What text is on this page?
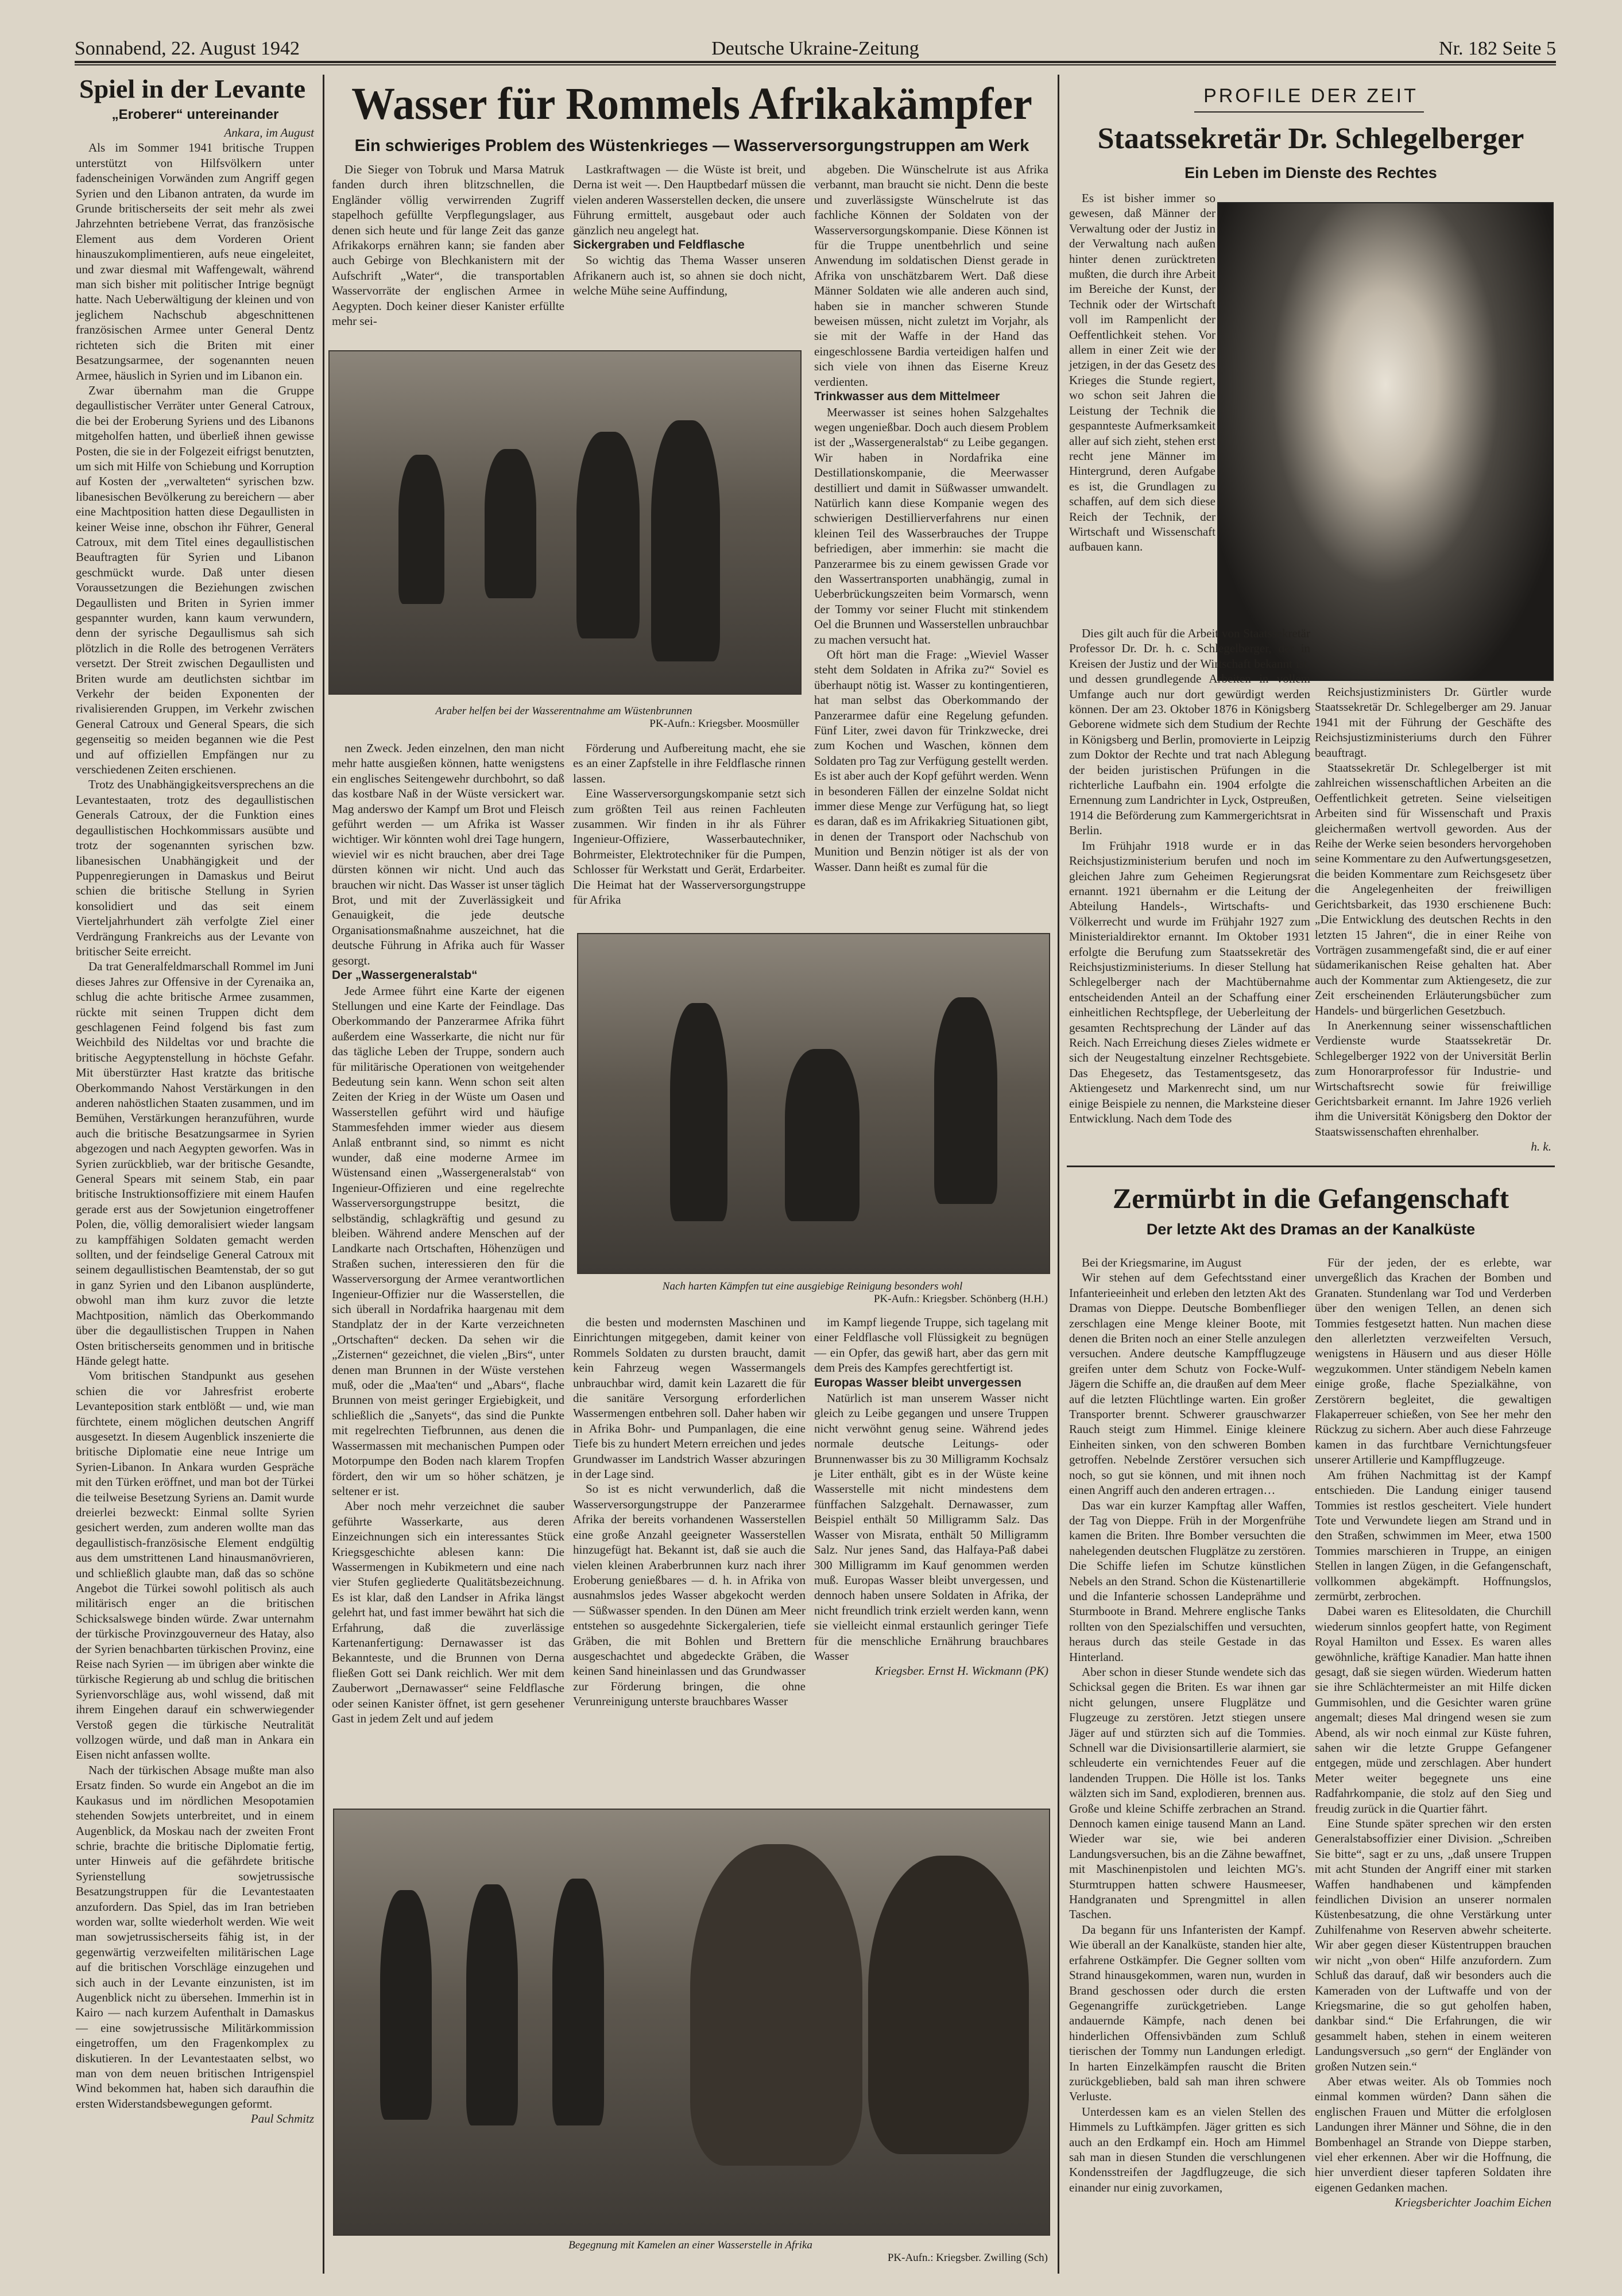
Sonnabend, 22. August 1942	Deutsche Ukraine-Zeitung	Nr. 182 Seite 5
Spiel in der Levante
„Eroberer“ untereinander

Ankara, im August

Als im Sommer 1941 britische Truppen unterstützt von Hilfsvölkern unter fadenscheinigen Vorwänden zum Angriff gegen Syrien und den Libanon antraten, da wurde im Grunde britischerseits der seit mehr als zwei Jahrzehnten betriebene Verrat, das französische Element aus dem Vorderen Orient hinauszukomplimentieren, aufs neue eingeleitet, und zwar diesmal mit Waffengewalt, während man sich bisher mit politischer Intrige begnügt hatte. Nach Ueberwältigung der kleinen und von jeglichem Nachschub abgeschnittenen französischen Armee unter General Dentz richteten sich die Briten mit einer Besatzungsarmee, der sogenannten neuen Armee, häuslich in Syrien und im Libanon ein.

Zwar übernahm man die Gruppe degaullistischer Verräter unter General Catroux, die bei der Eroberung Syriens und des Libanons mitgeholfen hatten, und überließ ihnen gewisse Posten, die sie in der Folgezeit eifrigst benutzten, um sich mit Hilfe von Schiebung und Korruption auf Kosten der „verwalteten“ syrischen bzw. libanesischen Bevölkerung zu bereichern — aber eine Machtposition hatten diese Degaullisten in keiner Weise inne, obschon ihr Führer, General Catroux, mit dem Titel eines degaullistischen Beauftragten für Syrien und Libanon geschmückt wurde. Daß unter diesen Voraussetzungen die Beziehungen zwischen Degaullisten und Briten in Syrien immer gespannter wurden, kann kaum verwundern, denn der syrische Degaullismus sah sich plötzlich in die Rolle des betrogenen Verräters versetzt. Der Streit zwischen Degaullisten und Briten wurde am deutlichsten sichtbar im Verkehr der beiden Exponenten der rivalisierenden Gruppen, im Verkehr zwischen General Catroux und General Spears, die sich gegenseitig so meiden begannen wie die Pest und auf offiziellen Empfängen nur zu verschiedenen Zeiten erschienen.

Trotz des Unabhängigkeitsversprechens an die Levantestaaten, trotz des degaullistischen Generals Catroux, der die Funktion eines degaullistischen Hochkommissars ausübte und trotz der sogenannten syrischen bzw. libanesischen Unabhängigkeit und der Puppenregierungen in Damaskus und Beirut schien die britische Stellung in Syrien konsolidiert und das seit einem Vierteljahrhundert zäh verfolgte Ziel einer Verdrängung Frankreichs aus der Levante von britischer Seite erreicht.

Da trat Generalfeldmarschall Rommel im Juni dieses Jahres zur Offensive in der Cyrenaika an, schlug die achte britische Armee zusammen, rückte mit seinen Truppen dicht dem geschlagenen Feind folgend bis fast zum Weichbild des Nildeltas vor und brachte die britische Aegyptenstellung in höchste Gefahr. Mit überstürzter Hast kratzte das britische Oberkommando Nahost Verstärkungen in den anderen nahöstlichen Staaten zusammen, und im Bemühen, Verstärkungen heranzuführen, wurde auch die britische Besatzungsarmee in Syrien abgezogen und nach Aegypten geworfen. Was in Syrien zurückblieb, war der britische Gesandte, General Spears mit seinem Stab, ein paar britische Instruktionsoffiziere mit einem Haufen gerade erst aus der Sowjetunion eingetroffener Polen, die, völlig demoralisiert wieder langsam zu kampffähigen Soldaten gemacht werden sollten, und der feindselige General Catroux mit seinem degaullistischen Beamtenstab, der so gut in ganz Syrien und den Libanon ausplünderte, obwohl man ihm kurz zuvor die letzte Machtposition, nämlich das Oberkommando über die degaullistischen Truppen in Nahen Osten britischerseits genommen und in britische Hände gelegt hatte.

Vom britischen Standpunkt aus gesehen schien die vor Jahresfrist eroberte Levanteposition stark entblößt — und, wie man fürchtete, einem möglichen deutschen Angriff ausgesetzt. In diesem Augenblick inszenierte die britische Diplomatie eine neue Intrige um Syrien-Libanon. In Ankara wurden Gespräche mit den Türken eröffnet, und man bot der Türkei die teilweise Besetzung Syriens an. Damit wurde dreierlei bezweckt: Einmal sollte Syrien gesichert werden, zum anderen wollte man das degaullistisch-französische Element endgültig aus dem umstrittenen Land hinausmanövrieren, und schließlich glaubte man, daß das so schöne Angebot die Türkei sowohl politisch als auch militärisch enger an die britischen Schicksalswege binden würde. Zwar unternahm der türkische Provinzgouverneur des Hatay, also der Syrien benachbarten türkischen Provinz, eine Reise nach Syrien — im übrigen aber winkte die türkische Regierung ab und schlug die britischen Syrienvorschläge aus, wohl wissend, daß mit ihrem Eingehen darauf ein schwerwiegender Verstoß gegen die türkische Neutralität vollzogen würde, und daß man in Ankara ein Eisen nicht anfassen wollte.

Nach der türkischen Absage mußte man also Ersatz finden. So wurde ein Angebot an die im Kaukasus und im nördlichen Mesopotamien stehenden Sowjets unterbreitet, und in einem Augenblick, da Moskau nach der zweiten Front schrie, brachte die britische Diplomatie fertig, unter Hinweis auf die gefährdete britische Syrienstellung sowjetrussische Besatzungstruppen für die Levantestaaten anzufordern. Das Spiel, das im Iran betrieben worden war, sollte wiederholt werden. Wie weit man sowjetrussischerseits fähig ist, in der gegenwärtig verzweifelten militärischen Lage auf die britischen Vorschläge einzugehen und sich auch in der Levante einzunisten, ist im Augenblick nicht zu übersehen. Immerhin ist in Kairo — nach kurzem Aufenthalt in Damaskus — eine sowjetrussische Militärkommission eingetroffen, um den Fragenkomplex zu diskutieren. In der Levantestaaten selbst, wo man von dem neuen britischen Intrigenspiel Wind bekommen hat, haben sich daraufhin die ersten Widerstandsbewegungen geformt.

Paul Schmitz

Wasser für Rommels Afrikakämpfer
Ein schwieriges Problem des Wüstenkrieges — Wasserversorgungstruppen am Werk

Die Sieger von Tobruk und Marsa Matruk fanden durch ihren blitzschnellen, die Engländer völlig verwirrenden Zugriff stapelhoch gefüllte Verpflegungslager, aus denen sich heute und für lange Zeit das ganze Afrikakorps ernähren kann; sie fanden aber auch Gebirge von Blechkanistern mit der Aufschrift „Water“, die transportablen Wasservorräte der englischen Armee in Aegypten. Doch keiner dieser Kanister erfüllte mehr sei-

Lastkraftwagen — die Wüste ist breit, und Derna ist weit —. Den Hauptbedarf müssen die vielen anderen Wasserstellen decken, die unsere Führung ermittelt, ausgebaut oder auch gänzlich neu angelegt hat.

Sickergraben und Feldflasche

So wichtig das Thema Wasser unseren Afrikanern auch ist, so ahnen sie doch nicht, welche Mühe seine Auffindung,

abgeben. Die Wünschelrute ist aus Afrika verbannt, man braucht sie nicht. Denn die beste und zuverlässigste Wünschelrute ist das fachliche Können der Soldaten von der Wasserversorgungskompanie. Diese Können ist für die Truppe unentbehrlich und seine Anwendung im soldatischen Dienst gerade in Afrika von unschätzbarem Wert. Daß diese Männer Soldaten wie alle anderen auch sind, haben sie in mancher schweren Stunde beweisen müssen, nicht zuletzt im Vorjahr, als sie mit der Waffe in der Hand das eingeschlossene Bardia verteidigen halfen und sich viele von ihnen das Eiserne Kreuz verdienten.

Trinkwasser aus dem Mittelmeer

Meerwasser ist seines hohen Salzgehaltes wegen ungenießbar. Doch auch diesem Problem ist der „Wassergeneralstab“ zu Leibe gegangen. Wir haben in Nordafrika eine Destillationskompanie, die Meerwasser destilliert und damit in Süßwasser umwandelt. Natürlich kann diese Kompanie wegen des schwierigen Destillierverfahrens nur einen kleinen Teil des Wasserbrauches der Truppe befriedigen, aber immerhin: sie macht die Panzerarmee bis zu einem gewissen Grade vor den Wassertransporten unabhängig, zumal in Ueberbrückungszeiten beim Vormarsch, wenn der Tommy vor seiner Flucht mit stinkendem Oel die Brunnen und Wasserstellen unbrauchbar zu machen versucht hat.

Oft hört man die Frage: „Wieviel Wasser steht dem Soldaten in Afrika zu?“ Soviel es überhaupt nötig ist. Wasser zu kontingentieren, hat man selbst das Oberkommando der Panzerarmee dafür eine Regelung gefunden. Fünf Liter, zwei davon für Trinkzwecke, drei zum Kochen und Waschen, können dem Soldaten pro Tag zur Verfügung gestellt werden. Es ist aber auch der Kopf geführt werden. Wenn in besonderen Fällen der einzelne Soldat nicht immer diese Menge zur Verfügung hat, so liegt es daran, daß es im Afrikakrieg Situationen gibt, in denen der Transport oder Nachschub von Munition und Benzin nötiger ist als der von Wasser. Dann heißt es zumal für die

Araber helfen bei der Wasserentnahme am Wüstenbrunnen
PK-Aufn.: Kriegsber. Moosmüller

nen Zweck. Jeden einzelnen, den man nicht mehr hatte ausgießen können, hatte wenigstens ein englisches Seitengewehr durchbohrt, so daß das kostbare Naß in der Wüste versickert war. Mag anderswo der Kampf um Brot und Fleisch geführt werden — um Afrika ist Wasser wichtiger. Wir könnten wohl drei Tage hungern, wieviel wir es nicht brauchen, aber drei Tage dürsten können wir nicht. Und auch das brauchen wir nicht. Das Wasser ist unser täglich Brot, und mit der Zuverlässigkeit und Genauigkeit, die jede deutsche Organisationsmaßnahme auszeichnet, hat die deutsche Führung in Afrika auch für Wasser gesorgt.

Der „Wassergeneralstab“

Jede Armee führt eine Karte der eigenen Stellungen und eine Karte der Feindlage. Das Oberkommando der Panzerarmee Afrika führt außerdem eine Wasserkarte, die nicht nur für das tägliche Leben der Truppe, sondern auch für militärische Operationen von weitgehender Bedeutung sein kann. Wenn schon seit alten Zeiten der Krieg in der Wüste um Oasen und Wasserstellen geführt wird und häufige Stammesfehden immer wieder aus diesem Anlaß entbrannt sind, so nimmt es nicht wunder, daß eine moderne Armee im Wüstensand einen „Wassergeneralstab“ von Ingenieur-Offizieren und eine regelrechte Wasserversorgungstruppe besitzt, die selbständig, schlagkräftig und gesund zu bleiben. Während andere Menschen auf der Landkarte nach Ortschaften, Höhenzügen und Straßen suchen, interessieren den für die Wasserversorgung der Armee verantwortlichen Ingenieur-Offizier nur die Wasserstellen, die sich überall in Nordafrika haargenau mit dem Standplatz der in der Karte verzeichneten „Ortschaften“ decken. Da sehen wir die „Zisternen“ gezeichnet, die vielen „Birs“, unter denen man Brunnen in der Wüste verstehen muß, oder die „Maa'ten“ und „Abars“, flache Brunnen von meist geringer Ergiebigkeit, und schließlich die „Sanyets“, das sind die Punkte mit regelrechten Tiefbrunnen, aus denen die Wassermassen mit mechanischen Pumpen oder Motorpumpe den Boden nach klarem Tropfen fördert, den wir um so höher schätzen, je seltener er ist.

Aber noch mehr verzeichnet die sauber geführte Wasserkarte, aus deren Einzeichnungen sich ein interessantes Stück Kriegsgeschichte ablesen kann: Die Wassermengen in Kubikmetern und eine nach vier Stufen gegliederte Qualitätsbezeichnung. Es ist klar, daß den Landser in Afrika längst gelehrt hat, und fast immer bewährt hat sich die Erfahrung, daß die zuverlässige Kartenanfertigung: Dernawasser ist das Bekannteste, und die Brunnen von Derna fließen Gott sei Dank reichlich. Wer mit dem Zauberwort „Dernawasser“ seine Feldflasche oder seinen Kanister öffnet, ist gern gesehener Gast in jedem Zelt und auf jedem

Förderung und Aufbereitung macht, ehe sie es an einer Zapfstelle in ihre Feldflasche rinnen lassen.

Eine Wasserversorgungskompanie setzt sich zum größten Teil aus reinen Fachleuten zusammen. Wir finden in ihr als Führer Ingenieur-Offiziere, Wasserbautechniker, Bohrmeister, Elektrotechniker für die Pumpen, Schlosser für Werkstatt und Gerät, Erdarbeiter. Die Heimat hat der Wasserversorgungstruppe für Afrika

Nach harten Kämpfen tut eine ausgiebige Reinigung besonders wohl
PK-Aufn.: Kriegsber. Schönberg (H.H.)

die besten und modernsten Maschinen und Einrichtungen mitgegeben, damit keiner von Rommels Soldaten zu dursten braucht, damit kein Fahrzeug wegen Wassermangels unbrauchbar wird, damit kein Lazarett die für die sanitäre Versorgung erforderlichen Wassermengen entbehren soll. Daher haben wir in Afrika Bohr- und Pumpanlagen, die eine Tiefe bis zu hundert Metern erreichen und jedes Grundwasser im Landstrich Wasser abzuringen in der Lage sind.

So ist es nicht verwunderlich, daß die Wasserversorgungstruppe der Panzerarmee Afrika der bereits vorhandenen Wasserstellen eine große Anzahl geeigneter Wasserstellen hinzugefügt hat. Bekannt ist, daß sie auch die vielen kleinen Araberbrunnen kurz nach ihrer Eroberung genießbares — d. h. in Afrika von ausnahmslos jedes Wasser abgekocht werden — Süßwasser spenden. In den Dünen am Meer entstehen so ausgedehnte Sickergalerien, tiefe Gräben, die mit Bohlen und Brettern ausgeschachtet und abgedeckte Gräben, die keinen Sand hineinlassen und das Grundwasser zur Förderung bringen, die ohne Verunreinigung unterste brauchbares Wasser

im Kampf liegende Truppe, sich tagelang mit einer Feldflasche voll Flüssigkeit zu begnügen — ein Opfer, das gewiß hart, aber das gern mit dem Preis des Kampfes gerechtfertigt ist.

Europas Wasser bleibt unvergessen

Natürlich ist man unserem Wasser nicht gleich zu Leibe gegangen und unsere Truppen nicht verwöhnt genug seine. Während jedes normale deutsche Leitungs- oder Brunnenwasser bis zu 30 Milligramm Kochsalz je Liter enthält, gibt es in der Wüste keine Wasserstelle mit nicht mindestens dem fünffachen Salzgehalt. Dernawasser, zum Beispiel enthält 50 Milligramm Salz. Das Wasser von Misrata, enthält 50 Milligramm Salz. Nur jenes Sand, das Halfaya-Paß dabei 300 Milligramm im Kauf genommen werden muß. Europas Wasser bleibt unvergessen, und dennoch haben unsere Soldaten in Afrika, der nicht freundlich trink erzielt werden kann, wenn sie vielleicht einmal erstaunlich geringer Tiefe für die menschliche Ernährung brauchbares Wasser

Kriegsber. Ernst H. Wickmann (PK)

Begegnung mit Kamelen an einer Wasserstelle in Afrika
PK-Aufn.: Kriegsber. Zwilling (Sch)
PROFILE DER ZEIT
Staatssekretär Dr. Schlegelberger
Ein Leben im Dienste des Rechtes

Es ist bisher immer so gewesen, daß Männer der Verwaltung oder der Justiz in der Verwaltung nach außen hinter denen zurücktreten mußten, die durch ihre Arbeit im Bereiche der Kunst, der Technik oder der Wirtschaft voll im Rampenlicht der Oeffentlichkeit stehen. Vor allem in einer Zeit wie der jetzigen, in der das Gesetz des Krieges die Stunde regiert, wo schon seit Jahren die Leistung der Technik die gespannteste Aufmerksamkeit aller auf sich zieht, stehen erst recht jene Männer im Hintergrund, deren Aufgabe es ist, die Grundlagen zu schaffen, auf dem sich diese Reich der Technik, der Wirtschaft und Wissenschaft aufbauen kann.

Dies gilt auch für die Arbeit von Staatssekretär Professor Dr. Dr. h. c. Schlegelberger, der in Kreisen der Justiz und der Wirtschaft bekannt ist, und dessen grundlegende Arbeiten in vollem Umfange auch nur dort gewürdigt werden können. Der am 23. Oktober 1876 in Königsberg Geborene widmete sich dem Studium der Rechte in Königsberg und Berlin, promovierte in Leipzig zum Doktor der Rechte und trat nach Ablegung der beiden juristischen Prüfungen in die richterliche Laufbahn ein. 1904 erfolgte die Ernennung zum Landrichter in Lyck, Ostpreußen, 1914 die Beförderung zum Kammergerichtsrat in Berlin.

Im Frühjahr 1918 wurde er in das Reichsjustizministerium berufen und noch im gleichen Jahre zum Geheimen Regierungsrat ernannt. 1921 übernahm er die Leitung der Abteilung Handels-, Wirtschafts- und Völkerrecht und wurde im Frühjahr 1927 zum Ministerialdirektor ernannt. Im Oktober 1931 erfolgte die Berufung zum Staatssekretär des Reichsjustizministeriums. In dieser Stellung hat Schlegelberger nach der Machtübernahme entscheidenden Anteil an der Schaffung einer einheitlichen Rechtspflege, der Ueberleitung der gesamten Rechtsprechung der Länder auf das Reich. Nach Erreichung dieses Zieles widmete er sich der Neugestaltung einzelner Rechtsgebiete. Das Ehegesetz, das Testamentsgesetz, das Aktiengesetz und Markenrecht sind, um nur einige Beispiele zu nennen, die Marksteine dieser Entwicklung. Nach dem Tode des

Reichsjustizministers Dr. Gürtler wurde Staatssekretär Dr. Schlegelberger am 29. Januar 1941 mit der Führung der Geschäfte des Reichsjustizministeriums durch den Führer beauftragt.

Staatssekretär Dr. Schlegelberger ist mit zahlreichen wissenschaftlichen Arbeiten an die Oeffentlichkeit getreten. Seine vielseitigen Arbeiten sind für Wissenschaft und Praxis gleichermaßen wertvoll geworden. Aus der Reihe der Werke seien besonders hervorgehoben seine Kommentare zu den Aufwertungsgesetzen, die beiden Kommentare zum Reichsgesetz über die Angelegenheiten der freiwilligen Gerichtsbarkeit, das 1930 erschienene Buch: „Die Entwicklung des deutschen Rechts in den letzten 15 Jahren“, die in einer Reihe von Vorträgen zusammengefaßt sind, die er auf einer südamerikanischen Reise gehalten hat. Aber auch der Kommentar zum Aktiengesetz, die zur Zeit erscheinenden Erläuterungsbücher zum Handels- und bürgerlichen Gesetzbuch.

In Anerkennung seiner wissenschaftlichen Verdienste wurde Staatssekretär Dr. Schlegelberger 1922 von der Universität Berlin zum Honorarprofessor für Industrie- und Wirtschaftsrecht sowie für freiwillige Gerichtsbarkeit ernannt. Im Jahre 1926 verlieh ihm die Universität Königsberg den Doktor der Staatswissenschaften ehrenhalber.

h. k.

Zermürbt in die Gefangenschaft
Der letzte Akt des Dramas an der Kanalküste

Bei der Kriegsmarine, im August

Wir stehen auf dem Gefechtsstand einer Infanterieeinheit und erleben den letzten Akt des Dramas von Dieppe. Deutsche Bombenflieger zerschlagen eine Menge kleiner Boote, mit denen die Briten noch an einer Stelle anzulegen versuchen. Andere deutsche Kampfflugzeuge greifen unter dem Schutz von Focke-Wulf-Jägern die Schiffe an, die draußen auf dem Meer auf die letzten Flüchtlinge warten. Ein großer Transporter brennt. Schwerer grauschwarzer Rauch steigt zum Himmel. Einige kleinere Einheiten sinken, von den schweren Bomben getroffen. Nebelnde Zerstörer versuchen sich noch, so gut sie können, und mit ihnen noch einen Angriff auch den anderen ertragen…

Das war ein kurzer Kampftag aller Waffen, der Tag von Dieppe. Früh in der Morgenfrühe kamen die Briten. Ihre Bomber versuchten die nahelegenden deutschen Flugplätze zu zerstören. Die Schiffe liefen im Schutze künstlichen Nebels an den Strand. Schon die Küstenartillerie und die Infanterie schossen Landeprähme und Sturmboote in Brand. Mehrere englische Tanks rollten von den Spezialschiffen und versuchten, heraus durch das steile Gestade in das Hinterland.

Aber schon in dieser Stunde wendete sich das Schicksal gegen die Briten. Es war ihnen gar nicht gelungen, unsere Flugplätze und Flugzeuge zu zerstören. Jetzt stiegen unsere Jäger auf und stürzten sich auf die Tommies. Schnell war die Divisionsartillerie alarmiert, sie schleuderte ein vernichtendes Feuer auf die landenden Truppen. Die Hölle ist los. Tanks wälzten sich im Sand, explodieren, brennen aus. Große und kleine Schiffe zerbrachen an Strand. Dennoch kamen einige tausend Mann an Land. Wieder war sie, wie bei anderen Landungsversuchen, bis an die Zähne bewaffnet, mit Maschinenpistolen und leichten MG's. Sturmtruppen hatten schwere Hausmeeser, Handgranaten und Sprengmittel in allen Taschen.

Da begann für uns Infanteristen der Kampf. Wie überall an der Kanalküste, standen hier alte, erfahrene Ostkämpfer. Die Gegner sollten vom Strand hinausgekommen, waren nun, wurden in Brand geschossen oder durch die ersten Gegenangriffe zurückgetrieben. Lange andauernde Kämpfe, nach denen bei hinderlichen Offensivbänden zum Schluß tierischen der Tommy nun Landungen erledigt. In harten Einzelkämpfen rauscht die Briten zurückgeblieben, bald sah man ihren schwere Verluste.

Unterdessen kam es an vielen Stellen des Himmels zu Luftkämpfen. Jäger gritten es sich auch an den Erdkampf ein. Hoch am Himmel sah man in diesen Stunden die verschlungenen Kondensstreifen der Jagdflugzeuge, die sich einander nur einig zuvorkamen,

Für der jeden, der es erlebte, war unvergeßlich das Krachen der Bomben und Granaten. Stundenlang war Tod und Verderben über den wenigen Tellen, an denen sich Tommies festgesetzt hatten. Nun machen diese den allerletzten verzweifelten Versuch, wenigstens in Häusern und aus dieser Hölle wegzukommen. Unter ständigem Nebeln kamen einige große, flache Spezialkähne, von Zerstörern begleitet, die gewaltigen Flakaperreuer schießen, von See her mehr den Rückzug zu sichern. Aber auch diese Fahrzeuge kamen in das furchtbare Vernichtungsfeuer unserer Artillerie und Kampfflugzeuge.

Am frühen Nachmittag ist der Kampf entschieden. Die Landung einiger tausend Tommies ist restlos gescheitert. Viele hundert Tote und Verwundete liegen am Strand und in den Straßen, schwimmen im Meer, etwa 1500 Tommies marschieren in Truppe, an einigen Stellen in langen Zügen, in die Gefangenschaft, vollkommen abgekämpft. Hoffnungslos, zermürbt, zerbrochen.

Dabei waren es Elitesoldaten, die Churchill wiederum sinnlos geopfert hatte, von Regiment Royal Hamilton und Essex. Es waren alles gewöhnliche, kräftige Kanadier. Man hatte ihnen gesagt, daß sie siegen würden. Wiederum hatten sie ihre Schlächtermeister an mit Hilfe dicken Gummisohlen, und die Gesichter waren grüne angemalt; dieses Mal dringend wesen sie zum Abend, als wir noch einmal zur Küste fuhren, sahen wir die letzte Gruppe Gefangener entgegen, müde und zerschlagen. Aber hundert Meter weiter begegnete uns eine Radfahrkompanie, die stolz auf den Sieg und freudig zurück in die Quartier fährt.

Eine Stunde später sprechen wir den ersten Generalstabsoffizier einer Division. „Schreiben Sie bitte“, sagt er zu uns, „daß unsere Truppen mit acht Stunden der Angriff einer mit starken Waffen handhabenen und kämpfenden feindlichen Division an unserer normalen Küstenbesatzung, die ohne Verstärkung unter Zuhilfenahme von Reserven abwehr scheiterte. Wir aber gegen dieser Küstentruppen brauchen wir nicht „von oben“ Hilfe anzufordern. Zum Schluß das darauf, daß wir besonders auch die Kameraden von der Luftwaffe und von der Kriegsmarine, die so gut geholfen haben, dankbar sind.“ Die Erfahrungen, die wir gesammelt haben, stehen in einem weiteren Landungsversuch „so gern“ der Engländer von großen Nutzen sein.“

Aber etwas weiter. Als ob Tommies noch einmal kommen würden? Dann sähen die englischen Frauen und Mütter die erfolglosen Landungen ihrer Männer und Söhne, die in den Bombenhagel an Strande von Dieppe starben, viel eher erkennen. Aber wir die Hoffnung, die hier unverdient dieser tapferen Soldaten ihre eigenen Gedanken machen.

Kriegsberichter Joachim Eichen
